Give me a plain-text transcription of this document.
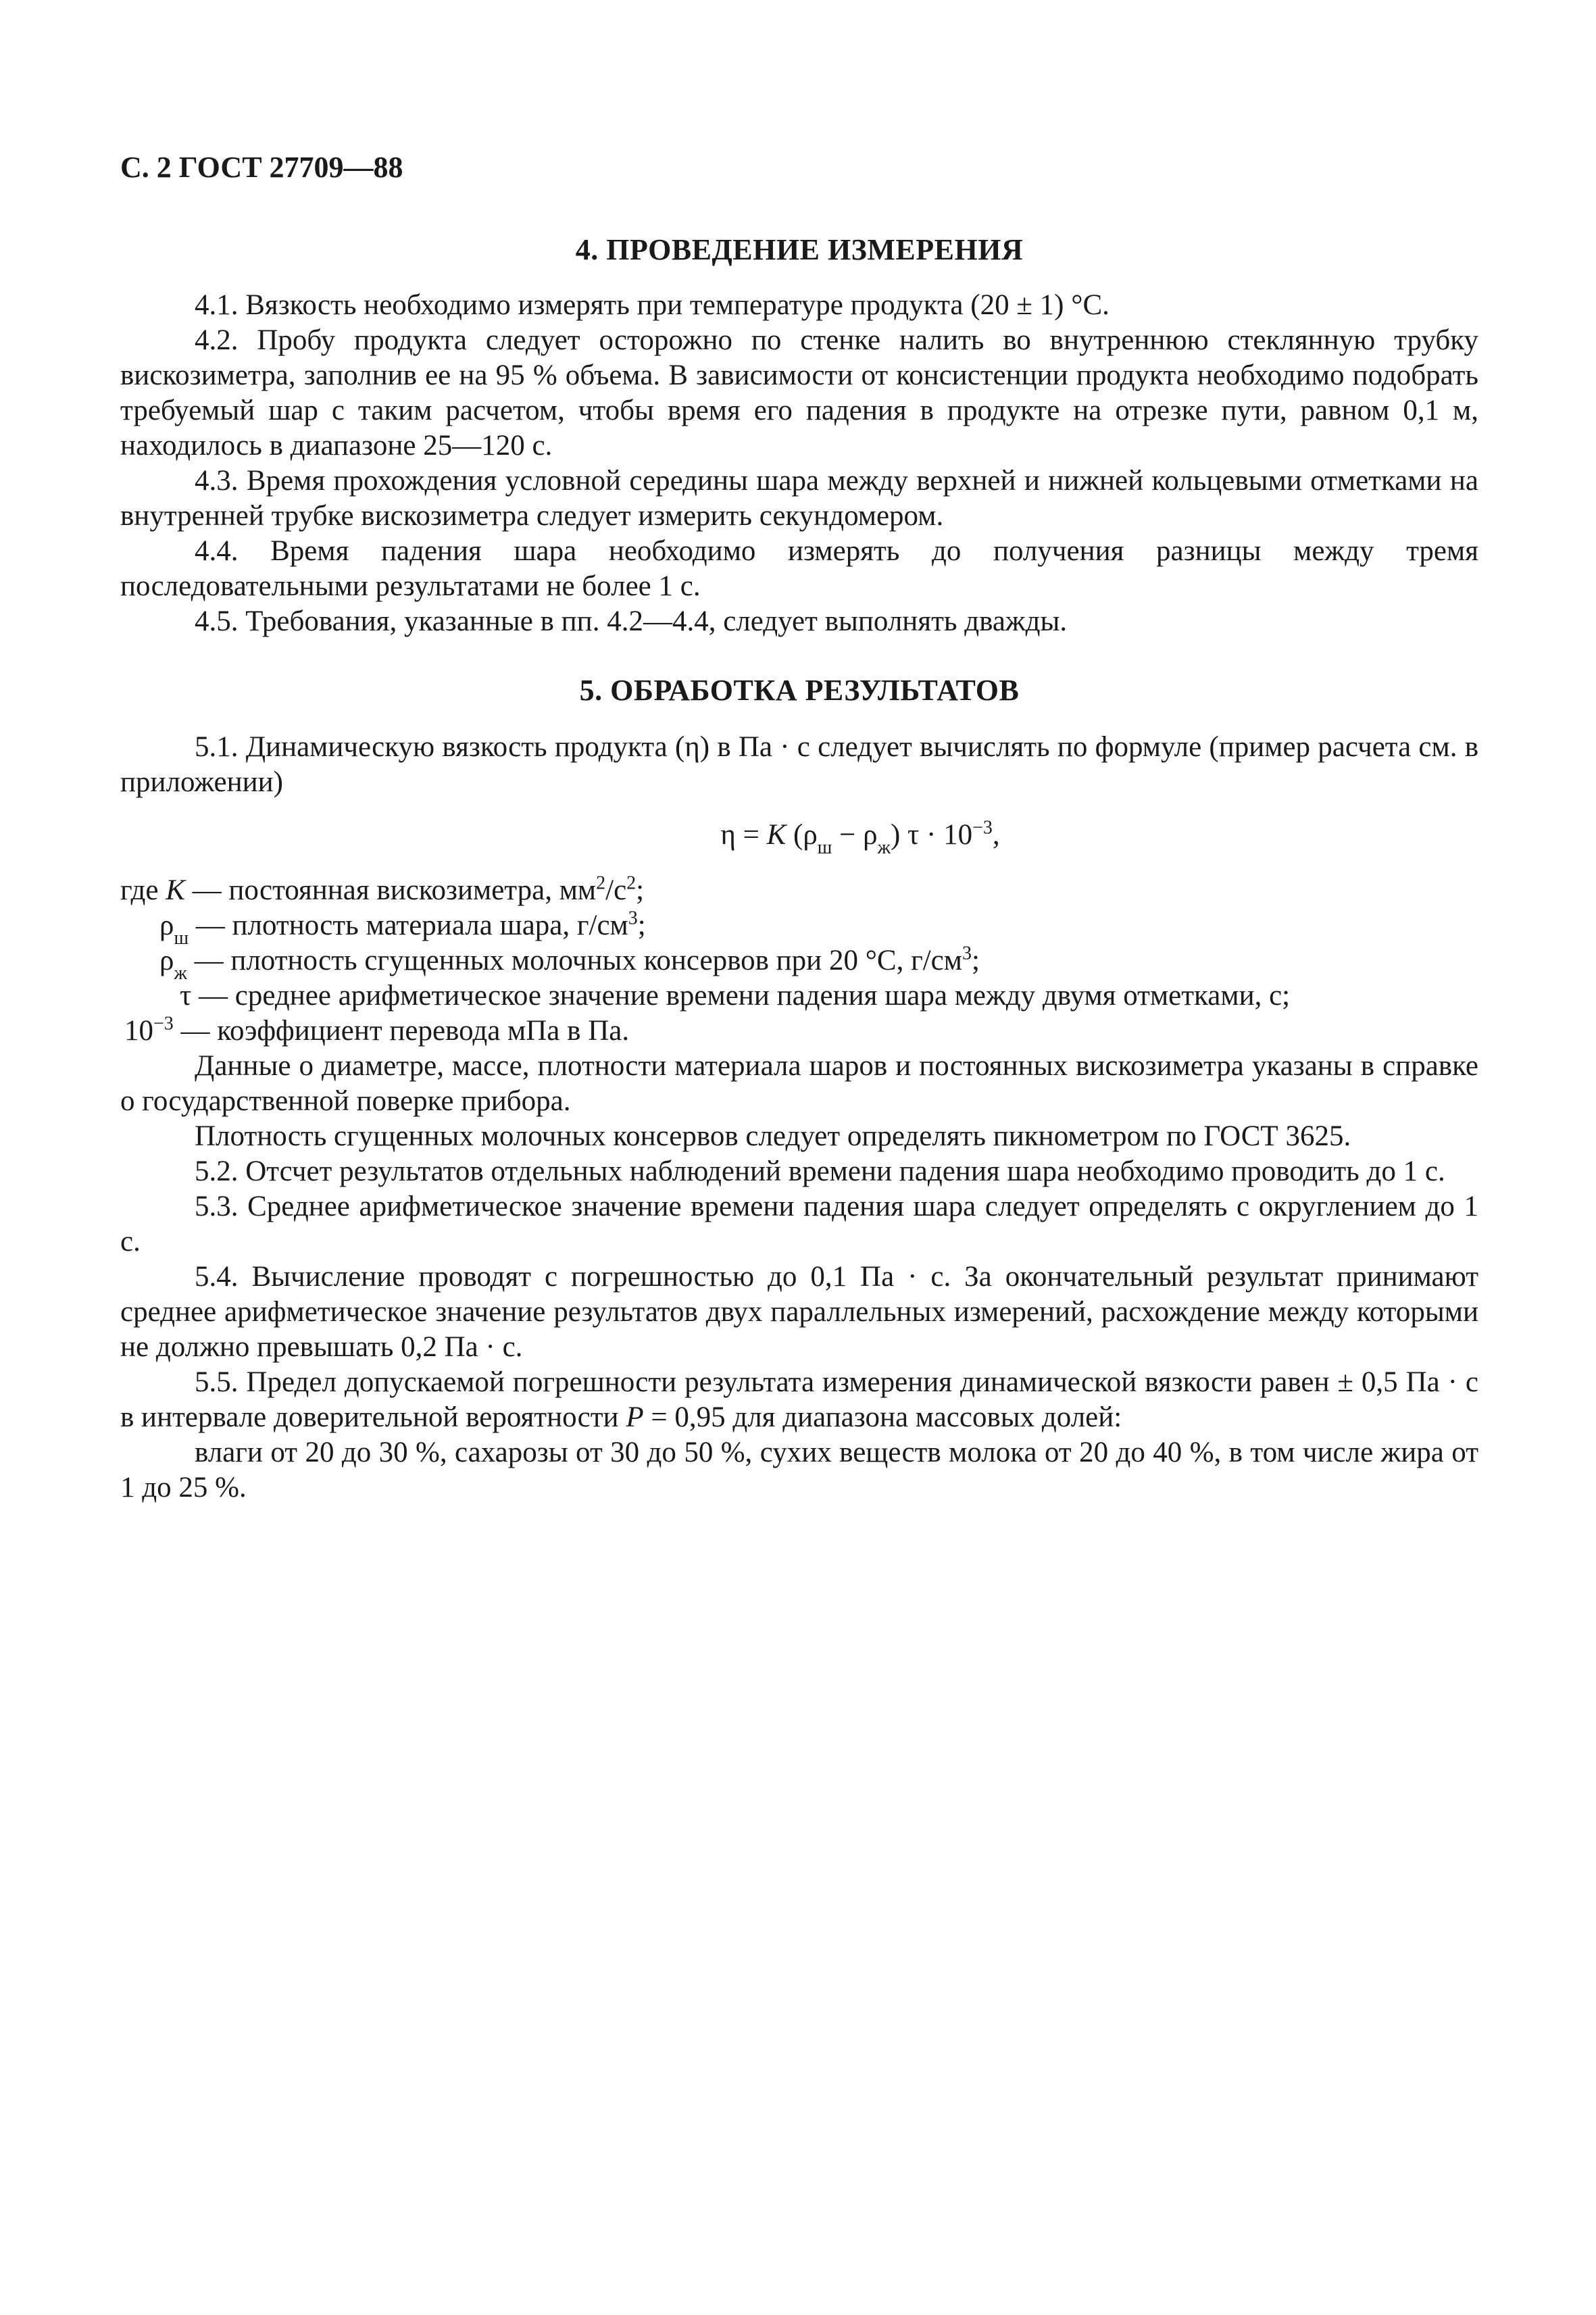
С. 2 ГОСТ 27709—88
4. ПРОВЕДЕНИЕ ИЗМЕРЕНИЯ

4.1. Вязкость необходимо измерять при температуре продукта (20 ± 1) °С.

4.2. Пробу продукта следует осторожно по стенке налить во внутреннюю стеклянную трубку вискозиметра, заполнив ее на 95 % объема. В зависимости от консистенции продукта необходимо подобрать требуемый шар с таким расчетом, чтобы время его падения в продукте на отрезке пути, равном 0,1 м, находилось в диапазоне 25—120 с.

4.3. Время прохождения условной середины шара между верхней и нижней кольцевыми отметками на внутренней трубке вискозиметра следует измерить секундомером.

4.4. Время падения шара необходимо измерять до получения разницы между тремя последовательными результатами не более 1 с.

4.5. Требования, указанные в пп. 4.2—4.4, следует выполнять дважды.

5. ОБРАБОТКА РЕЗУЛЬТАТОВ

5.1. Динамическую вязкость продукта (η) в Па · с следует вычислять по формуле (пример расчета см. в приложении)

η = K $(\rho_ш - \rho_ж) \tau \cdot 10^{-3}$,
где K — постоянная вискозиметра, $мм^2/с^2$;
$\rho_ш$ — плотность материала шара, $г/см^3$;
$\rho_ж$ — плотность сгущенных молочных консервов при 20 °С, $г/см^3$;
τ — среднее арифметическое значение времени падения шара между двумя отметками, с;
$10^{-3}$ — коэффициент перевода мПа в Па.

Данные о диаметре, массе, плотности материала шаров и постоянных вискозиметра указаны в справке о государственной поверке прибора.

Плотность сгущенных молочных консервов следует определять пикнометром по ГОСТ 3625.

5.2. Отсчет результатов отдельных наблюдений времени падения шара необходимо проводить до 1 с.

5.3. Среднее арифметическое значение времени падения шара следует определять с округлением до 1 с.

5.4. Вычисление проводят с погрешностью до 0,1 Па · с. За окончательный результат принимают среднее арифметическое значение результатов двух параллельных измерений, расхождение между которыми не должно превышать 0,2 Па · с.

5.5. Предел допускаемой погрешности результата измерения динамической вязкости равен ± 0,5 Па · с в интервале доверительной вероятности P = 0,95 для диапазона массовых долей:

влаги от 20 до 30 %, сахарозы от 30 до 50 %, сухих веществ молока от 20 до 40 %, в том числе жира от 1 до 25 %.
